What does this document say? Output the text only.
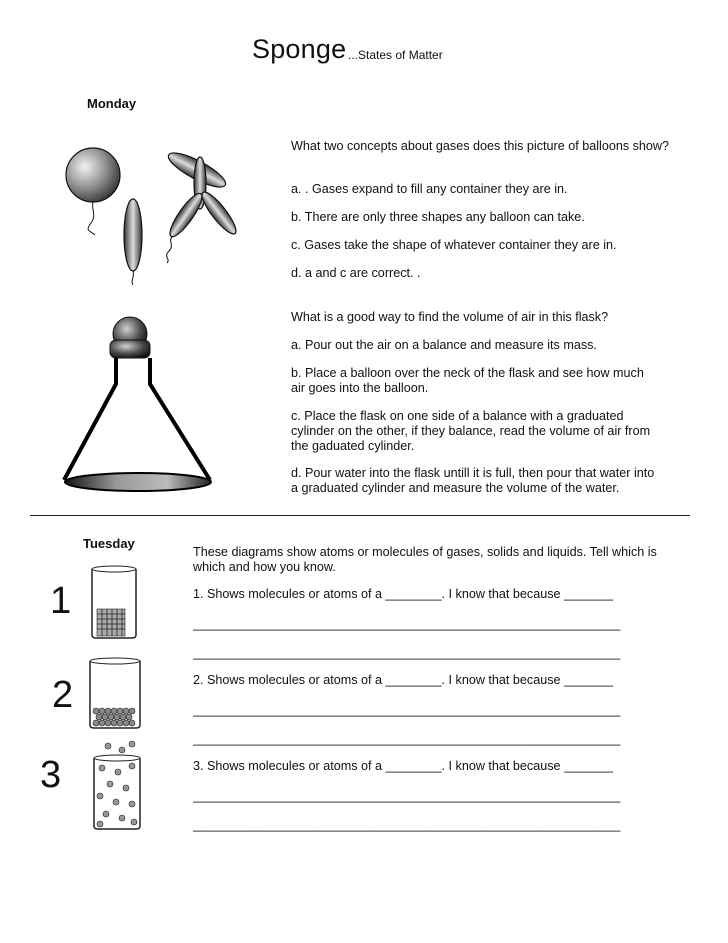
Sponge ...States of Matter
Monday
What two concepts about gases does this picture of balloons show?
a. . Gases expand to fill any container they are in.
b. There are only three shapes any balloon can take.
c. Gases take the shape of whatever container they are in.
d. a and c are correct. .
What is a good way to find the volume of air in this flask?
a. Pour out the air on a balance and measure its mass.
b. Place a balloon over the neck of the flask and see how much air goes into the balloon.
c. Place the flask on one side of a balance with a graduated cylinder on the other, if they balance, read the volume of air from the gaduated cylinder.
d. Pour water into the flask untill it is full, then pour that water into a graduated cylinder and measure the volume of the water.
Tuesday
These diagrams show atoms or molecules of gases, solids and liquids. Tell which is which and how you know.
1
2
3
1. Shows molecules or atoms of a ________. I know that because _______
_____________________________________________________________
_____________________________________________________________
2. Shows molecules or atoms of a ________. I know that because _______
_____________________________________________________________
_____________________________________________________________
3. Shows molecules or atoms of a ________. I know that because _______
_____________________________________________________________
_____________________________________________________________
